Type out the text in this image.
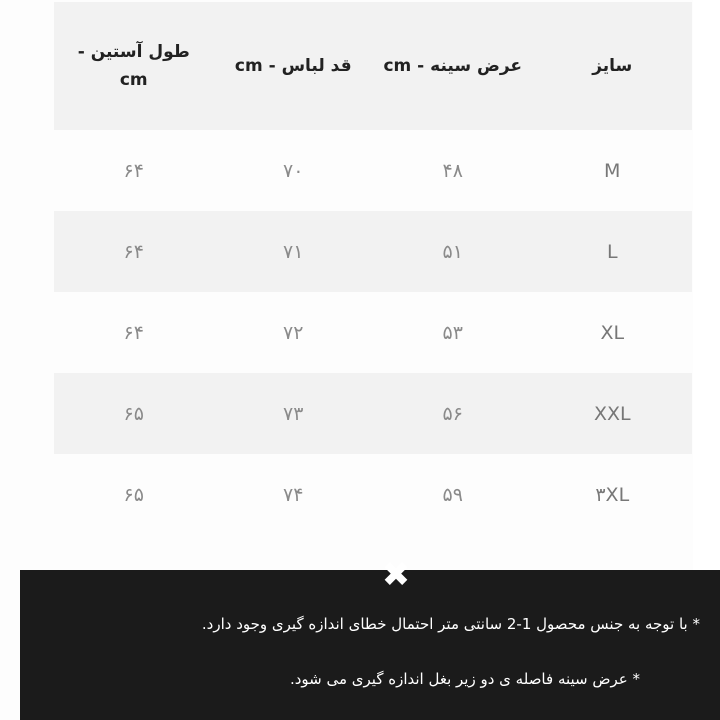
سایز	عرض سینه - cm	قد لباس - cm	طول آستین - cm
M	۴۸	۷۰	۶۴
L	۵۱	۷۱	۶۴
XL	۵۳	۷۲	۶۴
XXL	۵۶	۷۳	۶۵
۳XL	۵۹	۷۴	۶۵
✖
* با توجه به جنس محصول 1-2 سانتی متر احتمال خطای اندازه گیری وجود دارد.
* عرض سینه فاصله ی دو زیر بغل اندازه گیری می شود.
